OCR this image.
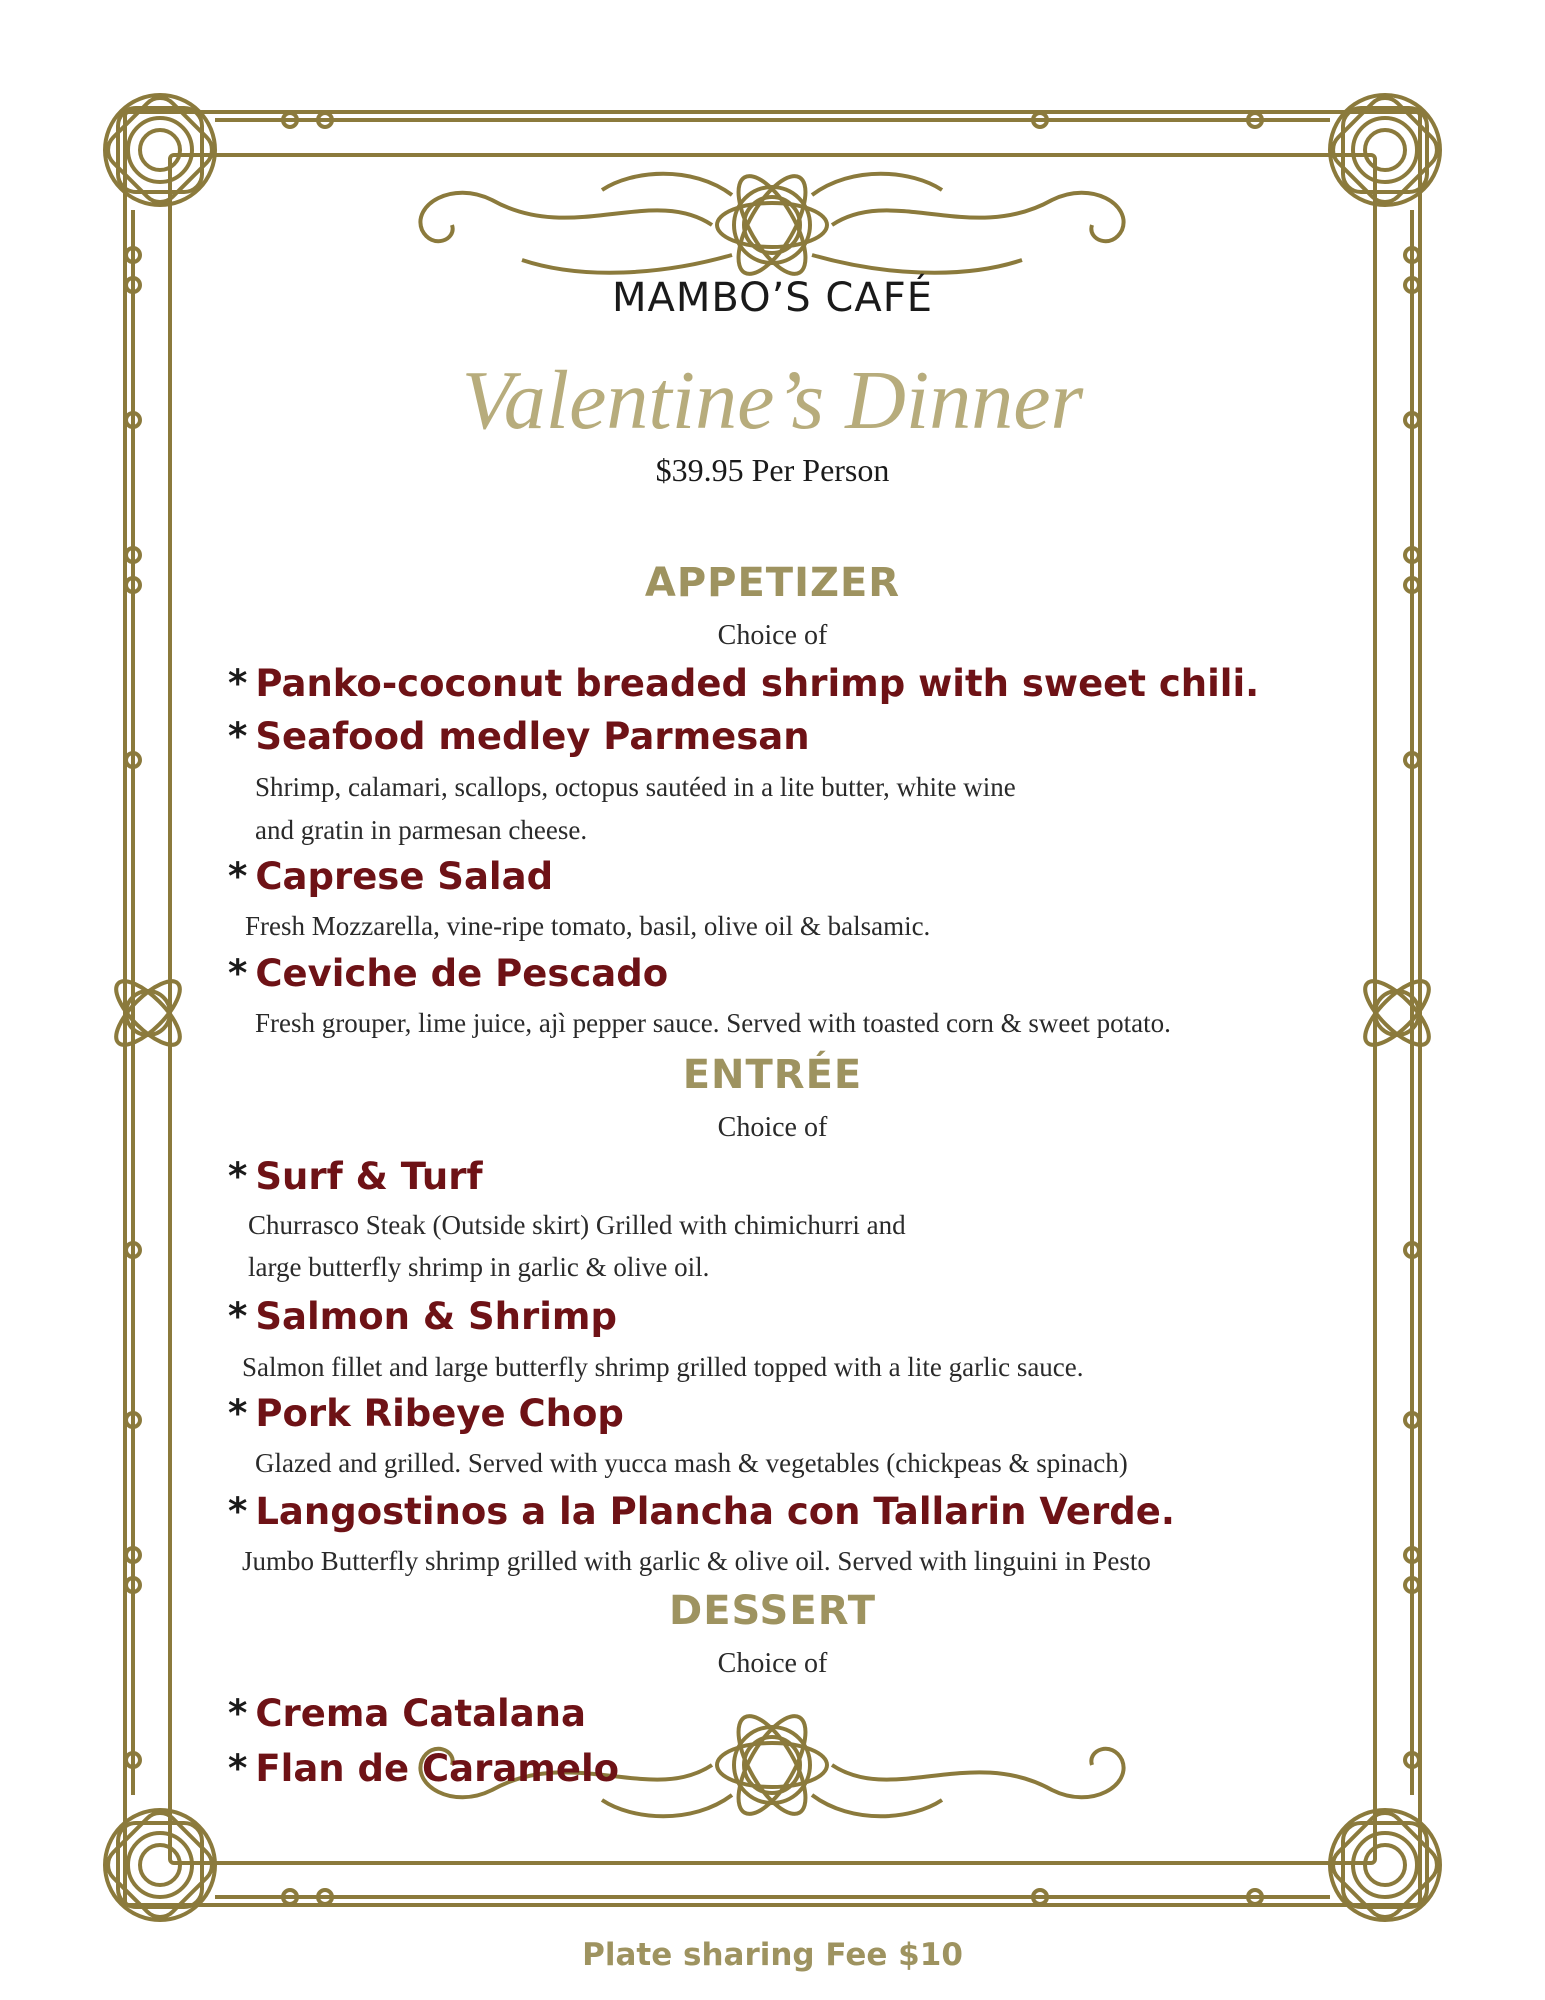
MAMBO’S CAFÉ
Valentine’s Dinner
$39.95 Per Person
APPETIZER
Choice of
* Panko-coconut breaded shrimp with sweet chili.
* Seafood medley Parmesan
Shrimp, calamari, scallops, octopus sautéed in a lite butter, white wine
and gratin in parmesan cheese.
* Caprese Salad
Fresh Mozzarella, vine-ripe tomato, basil, olive oil & balsamic.
* Ceviche de Pescado
Fresh grouper, lime juice, ajì pepper sauce. Served with toasted corn & sweet potato.
ENTRÉE
Choice of
* Surf & Turf
Churrasco Steak (Outside skirt) Grilled with chimichurri and
large butterfly shrimp in garlic & olive oil.
* Salmon & Shrimp
Salmon fillet and large butterfly shrimp grilled topped with a lite garlic sauce.
* Pork Ribeye Chop
Glazed and grilled. Served with yucca mash & vegetables (chickpeas & spinach)
* Langostinos a la Plancha con Tallarin Verde.
Jumbo Butterfly shrimp grilled with garlic & olive oil. Served with linguini in Pesto
DESSERT
Choice of
* Crema Catalana
* Flan de Caramelo
Plate sharing Fee $10
